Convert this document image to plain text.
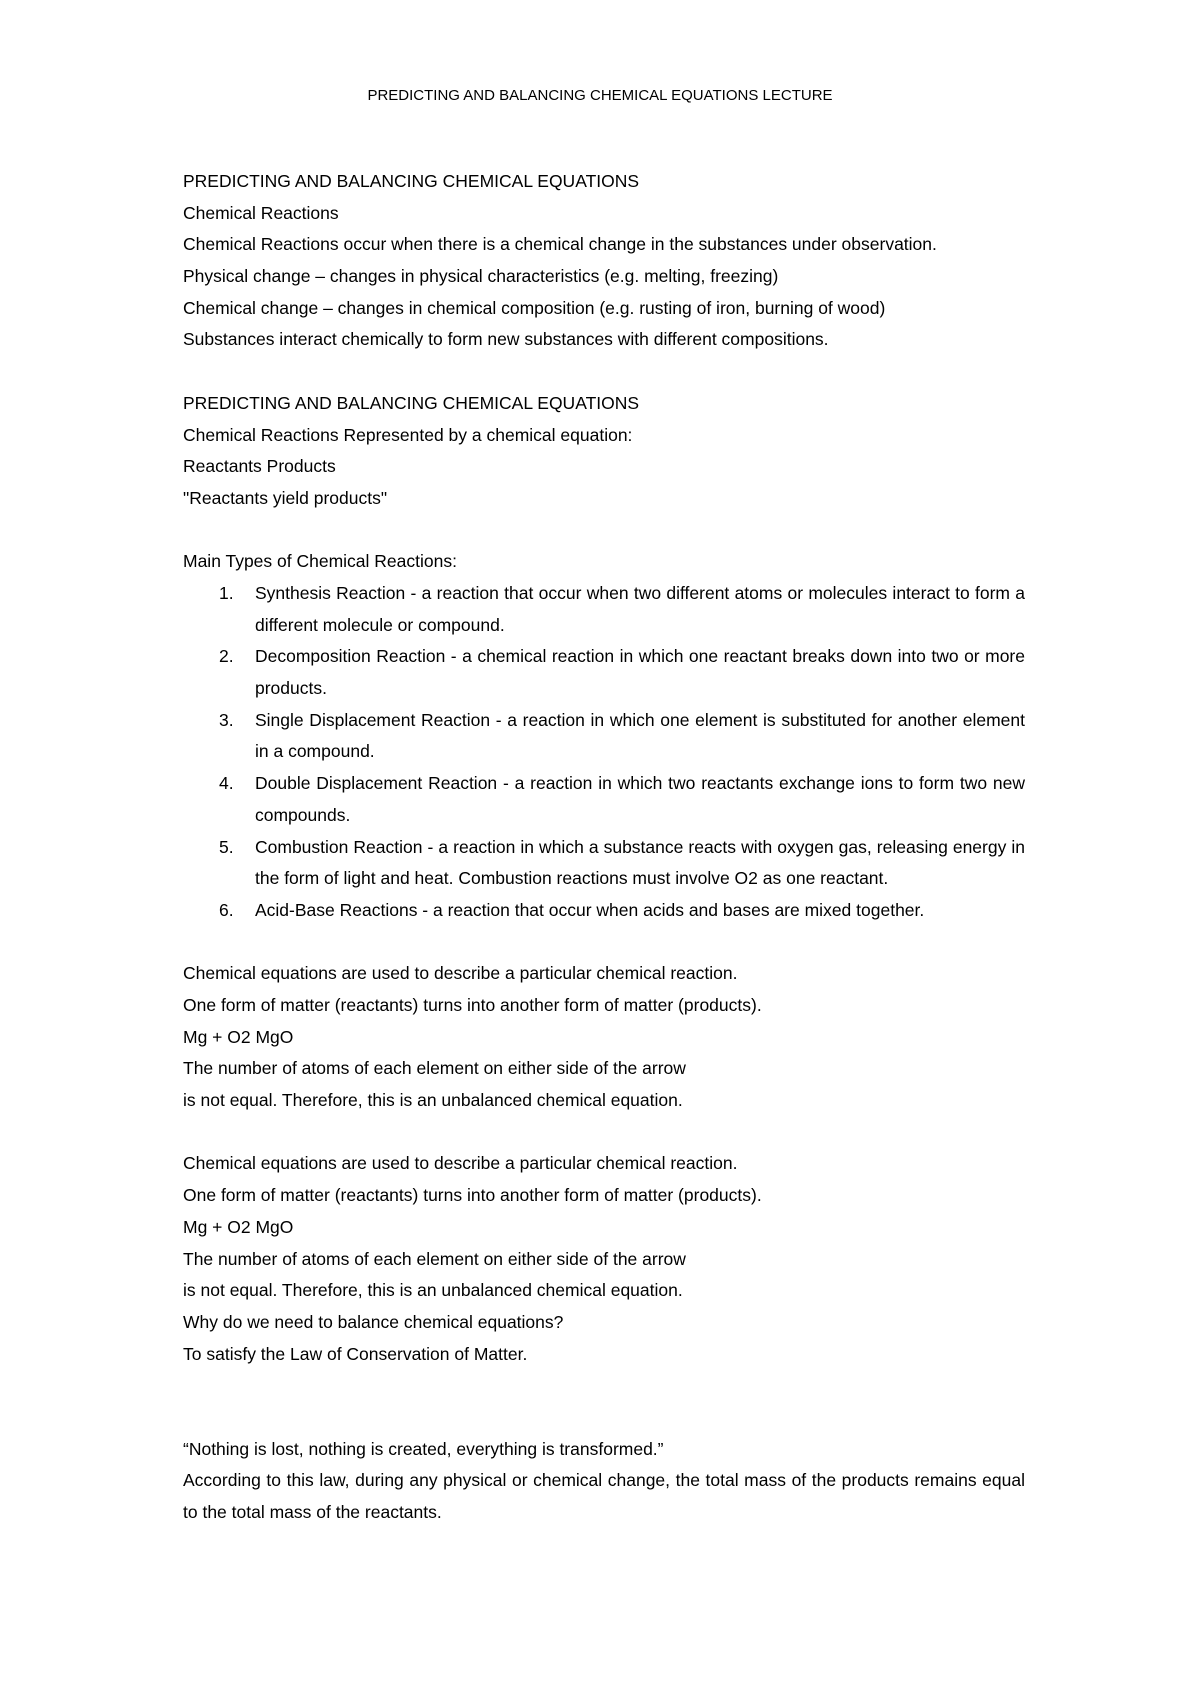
PREDICTING AND BALANCING CHEMICAL EQUATIONS LECTURE
PREDICTING AND BALANCING CHEMICAL EQUATIONS
Chemical Reactions
Chemical Reactions occur when there is a chemical change in the substances under observation.
Physical change – changes in physical characteristics (e.g. melting, freezing)
Chemical change – changes in chemical composition (e.g. rusting of iron, burning of wood)
Substances interact chemically to form new substances with different compositions.
PREDICTING AND BALANCING CHEMICAL EQUATIONS
Chemical Reactions Represented by a chemical equation:
Reactants Products
"Reactants yield products"
Main Types of Chemical Reactions:
1. Synthesis Reaction - a reaction that occur when two different atoms or molecules interact to form a different molecule or compound.
2. Decomposition Reaction - a chemical reaction in which one reactant breaks down into two or more products.
3. Single Displacement Reaction - a reaction in which one element is substituted for another element in a compound.
4. Double Displacement Reaction - a reaction in which two reactants exchange ions to form two new compounds.
5. Combustion Reaction - a reaction in which a substance reacts with oxygen gas, releasing energy in the form of light and heat. Combustion reactions must involve O2 as one reactant.
6. Acid-Base Reactions - a reaction that occur when acids and bases are mixed together.
Chemical equations are used to describe a particular chemical reaction.
One form of matter (reactants) turns into another form of matter (products).
Mg + O2 MgO
The number of atoms of each element on either side of the arrow
is not equal. Therefore, this is an unbalanced chemical equation.
Chemical equations are used to describe a particular chemical reaction.
One form of matter (reactants) turns into another form of matter (products).
Mg + O2 MgO
The number of atoms of each element on either side of the arrow
is not equal. Therefore, this is an unbalanced chemical equation.
Why do we need to balance chemical equations?
To satisfy the Law of Conservation of Matter.
“Nothing is lost, nothing is created, everything is transformed.”
According to this law, during any physical or chemical change, the total mass of the products remains equal to the total mass of the reactants.
